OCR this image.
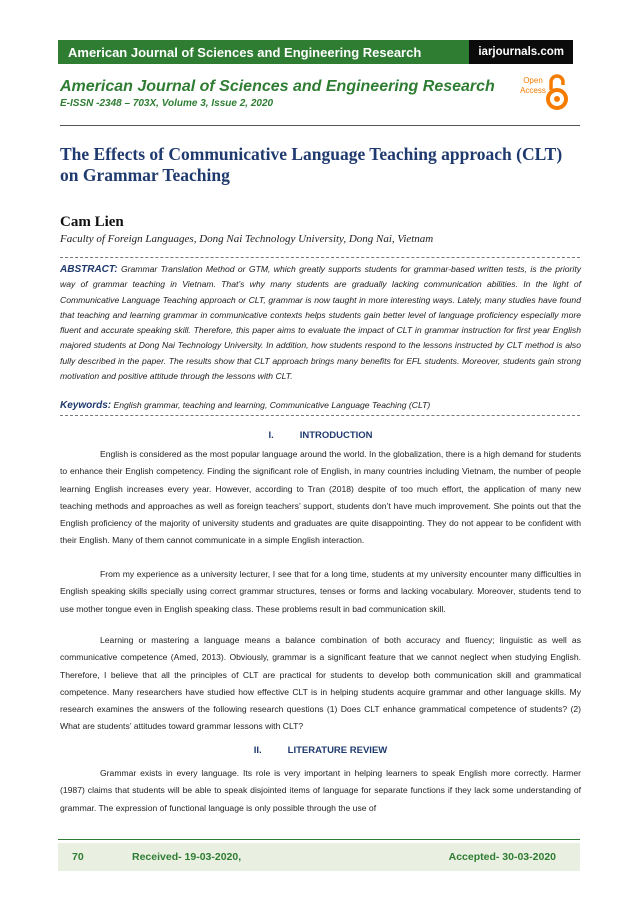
American Journal of Sciences and Engineering Research	iarjournals.com
American Journal of Sciences and Engineering Research
E-ISSN -2348 – 703X, Volume 3, Issue 2, 2020
Open
Access
The Effects of Communicative Language Teaching approach (CLT) on Grammar Teaching
Cam Lien
Faculty of Foreign Languages, Dong Nai Technology University, Dong Nai, Vietnam
ABSTRACT: Grammar Translation Method or GTM, which greatly supports students for grammar-based written tests, is the priority way of grammar teaching in Vietnam. That’s why many students are gradually lacking communication abilities. In the light of Communicative Language Teaching approach or CLT, grammar is now taught in more interesting ways. Lately, many studies have found that teaching and learning grammar in communicative contexts helps students gain better level of language proficiency especially more fluent and accurate speaking skill. Therefore, this paper aims to evaluate the impact of CLT in grammar instruction for first year English majored students at Dong Nai Technology University. In addition, how students respond to the lessons instructed by CLT method is also fully described in the paper. The results show that CLT approach brings many benefits for EFL students. Moreover, students gain strong motivation and positive attitude through the lessons with CLT.
Keywords: English grammar, teaching and learning, Communicative Language Teaching (CLT)
I.	INTRODUCTION
English is considered as the most popular language around the world. In the globalization, there is a high demand for students to enhance their English competency. Finding the significant role of English, in many countries including Vietnam, the number of people learning English increases every year. However, according to Tran (2018) despite of too much effort, the application of many new teaching methods and approaches as well as foreign teachers’ support, students don’t have much improvement. She points out that the English proficiency of the majority of university students and graduates are quite disappointing. They do not appear to be confident with their English. Many of them cannot communicate in a simple English interaction.
From my experience as a university lecturer, I see that for a long time, students at my university encounter many difficulties in English speaking skills specially using correct grammar structures, tenses or forms and lacking vocabulary. Moreover, students tend to use mother tongue even in English speaking class. These problems result in bad communication skill.
Learning or mastering a language means a balance combination of both accuracy and fluency; linguistic as well as communicative competence (Amed, 2013). Obviously, grammar is a significant feature that we cannot neglect when studying English. Therefore, I believe that all the principles of CLT are practical for students to develop both communication skill and grammatical competence. Many researchers have studied how effective CLT is in helping students acquire grammar and other language skills. My research examines the answers of the following research questions (1) Does CLT enhance grammatical competence of students? (2) What are students’ attitudes toward grammar lessons with CLT?
II.	LITERATURE REVIEW
Grammar exists in every language. Its role is very important in helping learners to speak English more correctly. Harmer (1987) claims that students will be able to speak disjointed items of language for separate functions if they lack some understanding of grammar. The expression of functional language is only possible through the use of
70	Received- 19-03-2020,	Accepted- 30-03-2020
